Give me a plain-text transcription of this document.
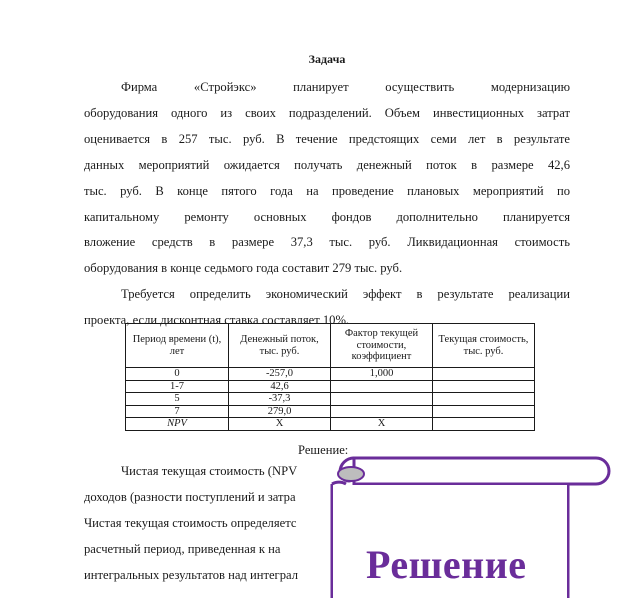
Задача

Фирма «Стройэкс» планирует осуществить модернизацию
оборудования одного из своих подразделений. Объем инвестиционных затрат
оценивается в 257 тыс. руб. В течение предстоящих семи лет в результате
данных мероприятий ожидается получать денежный поток в размере 42,6
тыс. руб. В конце пятого года на проведение плановых мероприятий по
капитальному ремонту основных фондов дополнительно планируется
вложение средств в размере 37,3 тыс. руб. Ликвидационная стоимость
оборудования в конце седьмого года составит 279 тыс. руб.
Требуется определить экономический эффект в результате реализации
проекта, если дисконтная ставка составляет 10%.
Период времени (t), лет	Денежный поток, тыс. руб.	Фактор текущей стоимости, коэффициент	Текущая стоимость, тыс. руб.
0	-257,0	1,000	
1-7	42,6		
5	-37,3		
7	279,0		
NPV	X	X	
Решение:
Чистая текущая стоимость (NPV
доходов (разности поступлений и затра
Чистая текущая стоимость определяетс
расчетный период, приведенная к на
интегральных результатов над интеграл	Решение
